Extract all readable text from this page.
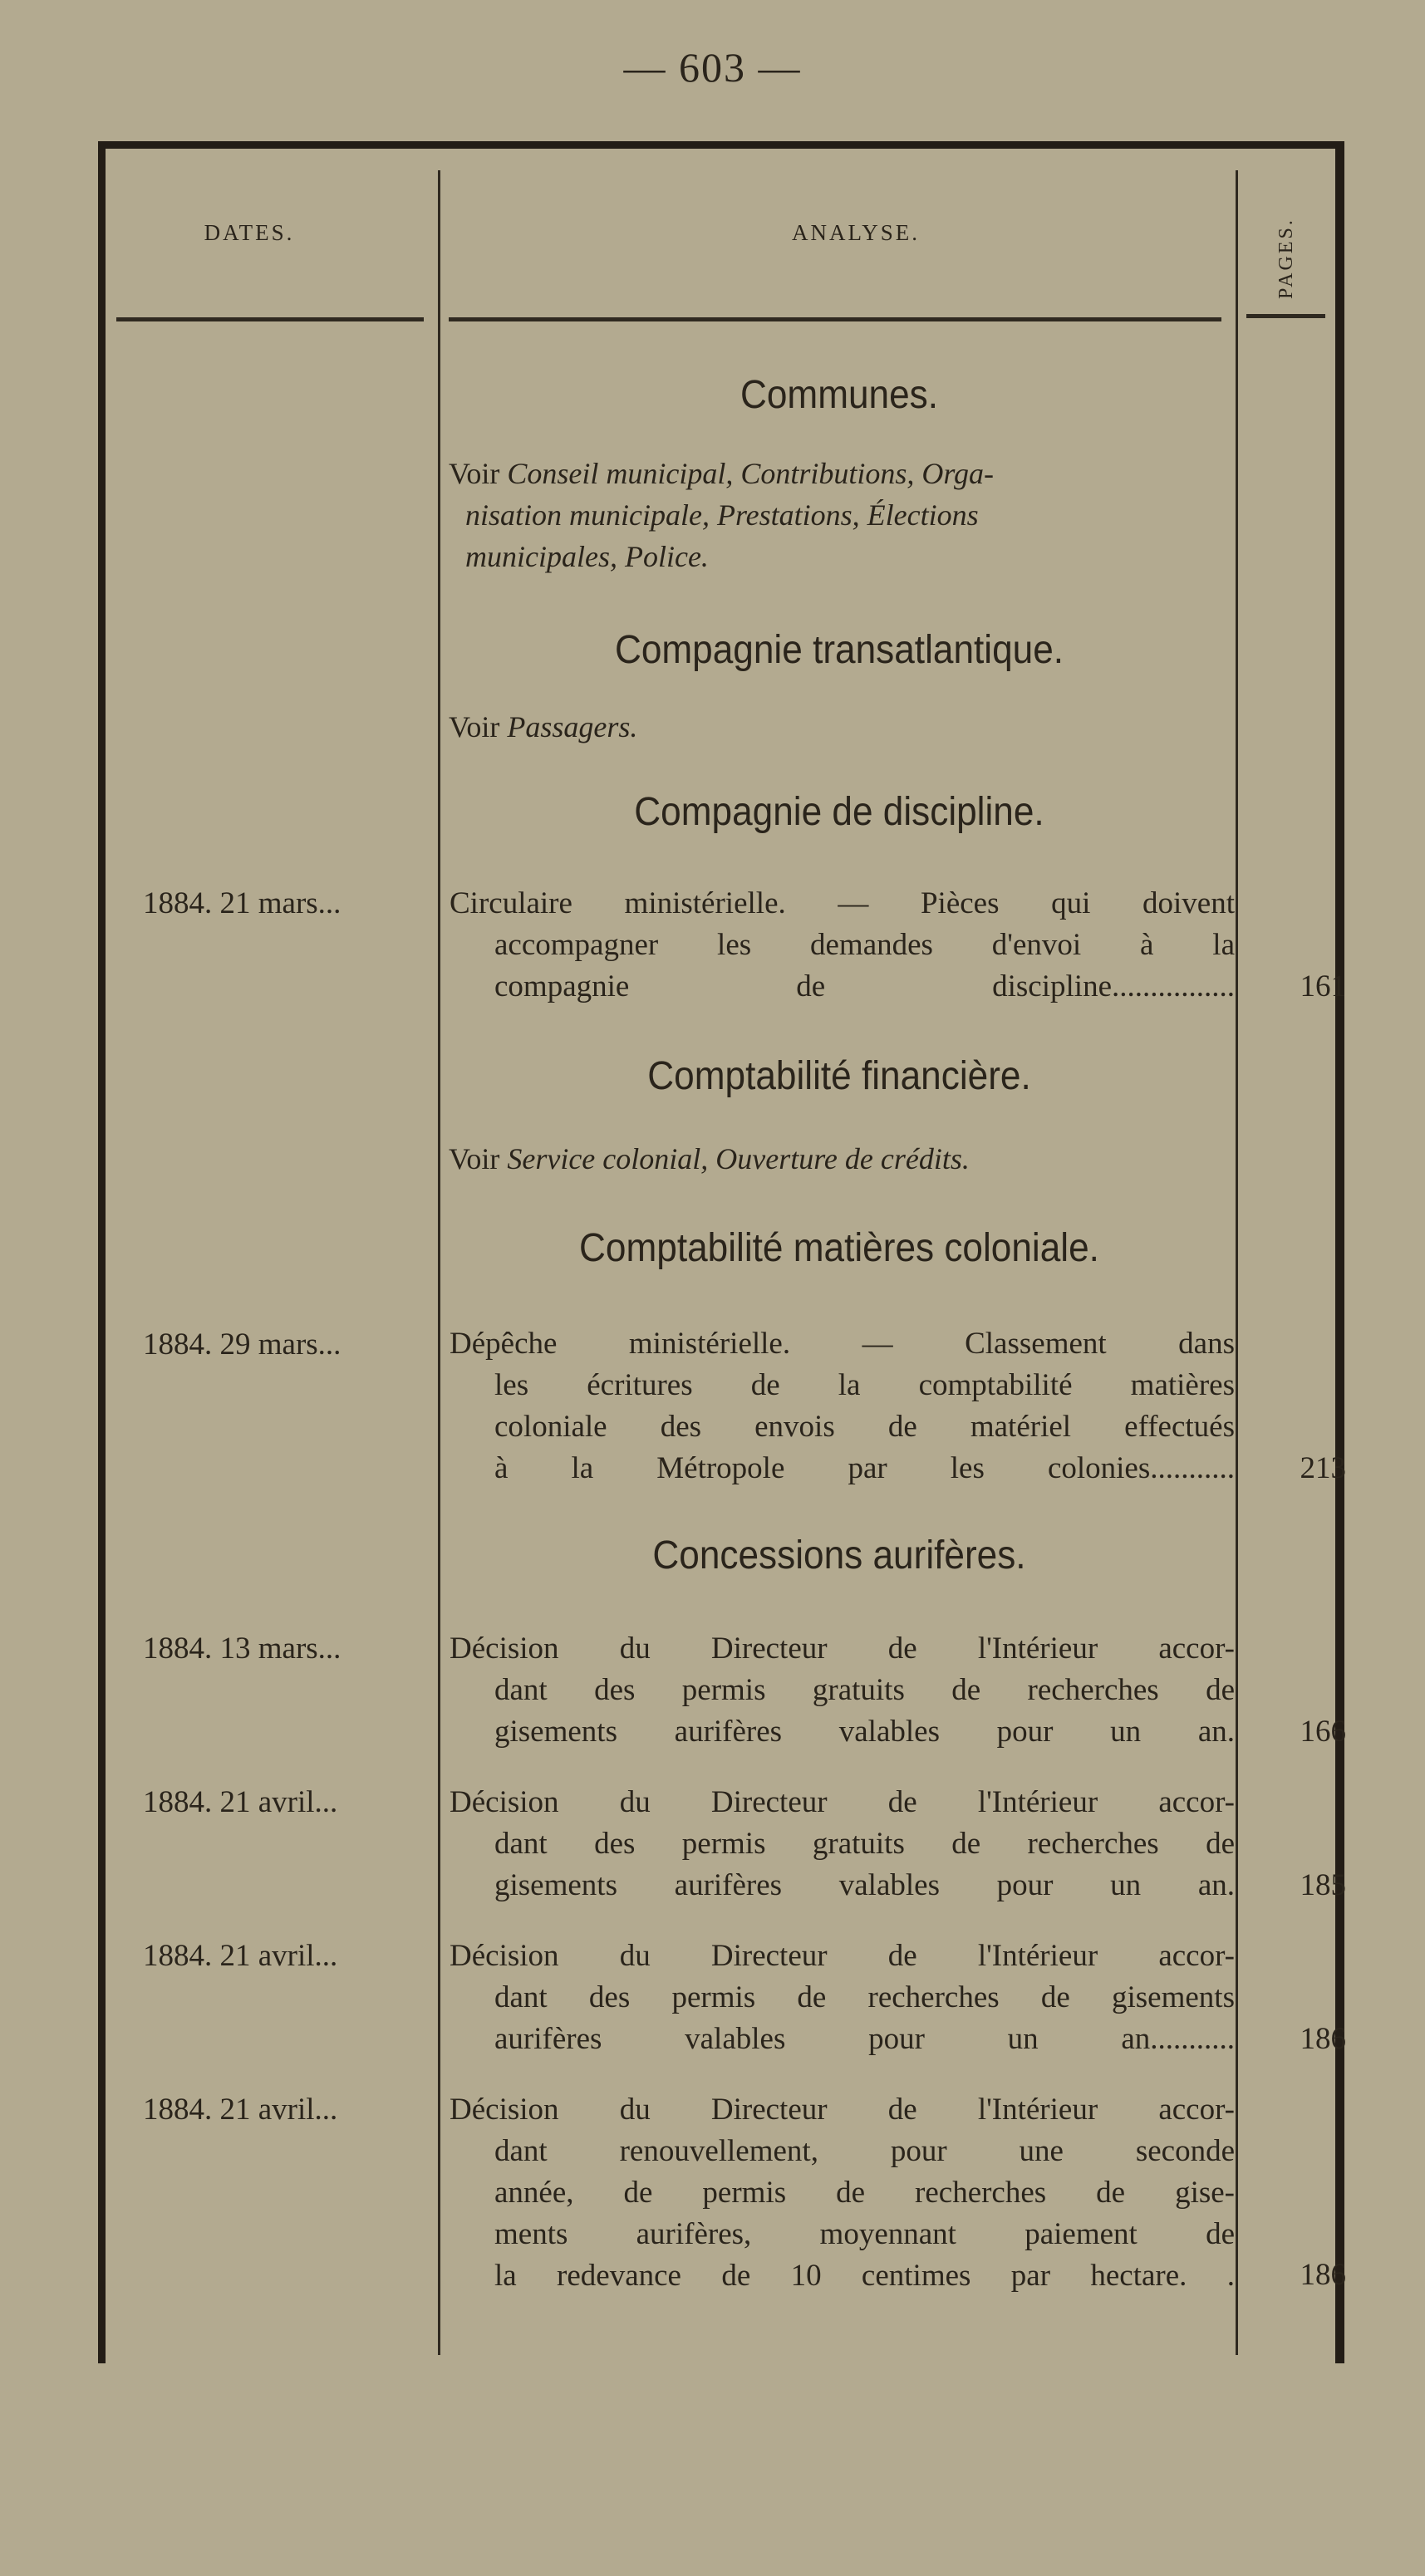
— 603 —
DATES.	ANALYSE.	PAGES.
Communes.
Voir Conseil municipal, Contributions, Orga-
nisation municipale, Prestations, Élections
municipales, Police.
Compagnie transatlantique.
Voir Passagers.
Compagnie de discipline.
1884. 21 mars...	Circulaire ministérielle. — Pièces qui doivent
accompagner les demandes d'envoi à la
compagnie de discipline................	161
Comptabilité financière.
Voir Service colonial, Ouverture de crédits.
Comptabilité matières coloniale.
1884. 29 mars...	Dépêche ministérielle. — Classement dans
les écritures de la comptabilité matières
coloniale des envois de matériel effectués
à la Métropole par les colonies...........	213
Concessions aurifères.
1884. 13 mars...	Décision du Directeur de l'Intérieur accor-
dant des permis gratuits de recherches de
gisements aurifères valables pour un an.	166
1884. 21 avril...	Décision du Directeur de l'Intérieur accor-
dant des permis gratuits de recherches de
gisements aurifères valables pour un an.	185
1884. 21 avril...	Décision du Directeur de l'Intérieur accor-
dant des permis de recherches de gisements
aurifères valables pour un an...........	186
1884. 21 avril...	Décision du Directeur de l'Intérieur accor-
dant renouvellement, pour une seconde
année, de permis de recherches de gise-
ments aurifères, moyennant paiement de
la redevance de 10 centimes par hectare. .	186
